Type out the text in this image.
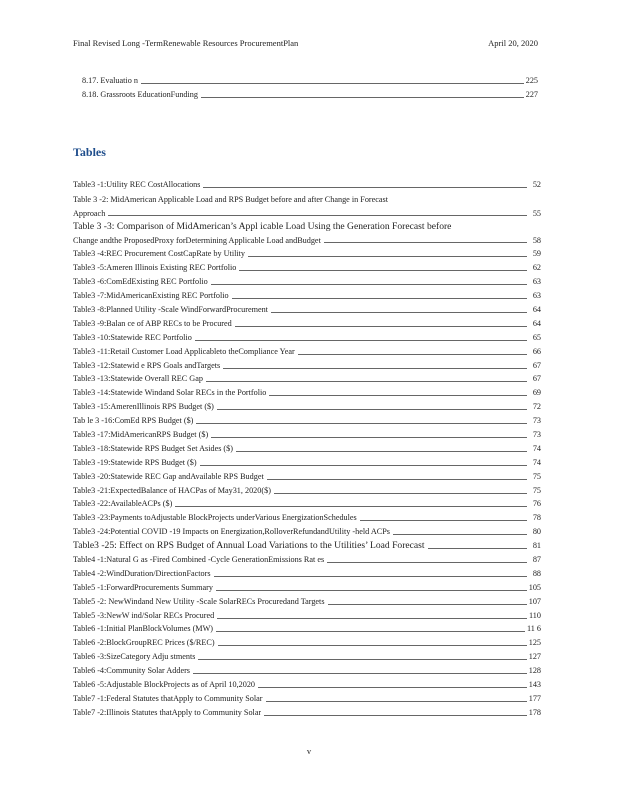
Final Revised Long -TermRenewable Resources ProcurementPlan	April 20, 2020
8.17. Evaluatio n	225
8.18. Grassroots EducationFunding	227
Tables
Table3 -1:Utility REC CostAllocations	52
Table 3 -2: MidAmerican Applicable Load and RPS Budget before and after Change in Forecast
Approach	55
Table 3 -3: Comparison of MidAmerican’s Appl icable Load Using the Generation Forecast before
Change andthe ProposedProxy forDetermining Applicable Load andBudget	58
Table3 -4:REC Procurement CostCapRate by Utility	59
Table3 -5:Ameren Illinois Existing REC Portfolio	62
Table3 -6:ComEdExisting REC Portfolio	63
Table3 -7:MidAmericanExisting REC Portfolio	63
Table3 -8:Planned Utility -Scale WindForwardProcurement	64
Table3 -9:Balan ce of ABP RECs to be Procured	64
Table3 -10:Statewide REC Portfolio	65
Table3 -11:Retail Customer Load Applicableto theCompliance Year	66
Table3 -12:Statewid e RPS Goals andTargets	67
Table3 -13:Statewide Overall REC Gap	67
Table3 -14:Statewide Windand Solar RECs in the Portfolio	69
Table3 -15:AmerenIllinois RPS Budget ($)	72
Tab le 3 -16:ComEd RPS Budget ($)	73
Table3 -17:MidAmericanRPS Budget ($)	73
Table3 -18:Statewide RPS Budget Set Asides ($)	74
Table3 -19:Statewide RPS Budget ($)	74
Table3 -20:Statewide REC Gap andAvailable RPS Budget	75
Table3 -21:ExpectedBalance of HACPas of May31, 2020($)	75
Table3 -22:AvailableACPs ($)	76
Table3 -23:Payments toAdjustable BlockProjects underVarious EnergizationSchedules	78
Table3 -24:Potential COVID -19 Impacts on Energization,RolloverRefundandUtility -held ACPs	80
Table3 -25: Effect on RPS Budget of Annual Load Variations to the Utilities’ Load Forecast	81
Table4 -1:Natural G as -Fired Combined -Cycle GenerationEmissions Rat es	87
Table4 -2:WindDuration/DirectionFactors	88
Table5 -1:ForwardProcurements Summary	105
Table5 -2: NewWindand New Utility -Scale SolarRECs Procuredand Targets	107
Table5 -3:NewW ind/Solar RECs Procured	110
Table6 -1:Initial PlanBlockVolumes (MW)	11 6
Table6 -2:BlockGroupREC Prices ($/REC)	125
Table6 -3:SizeCategory Adju stments	127
Table6 -4:Community Solar Adders	128
Table6 -5:Adjustable BlockProjects as of April 10,2020	143
Table7 -1:Federal Statutes thatApply to Community Solar	177
Table7 -2:Illinois Statutes thatApply to Community Solar	178
v
